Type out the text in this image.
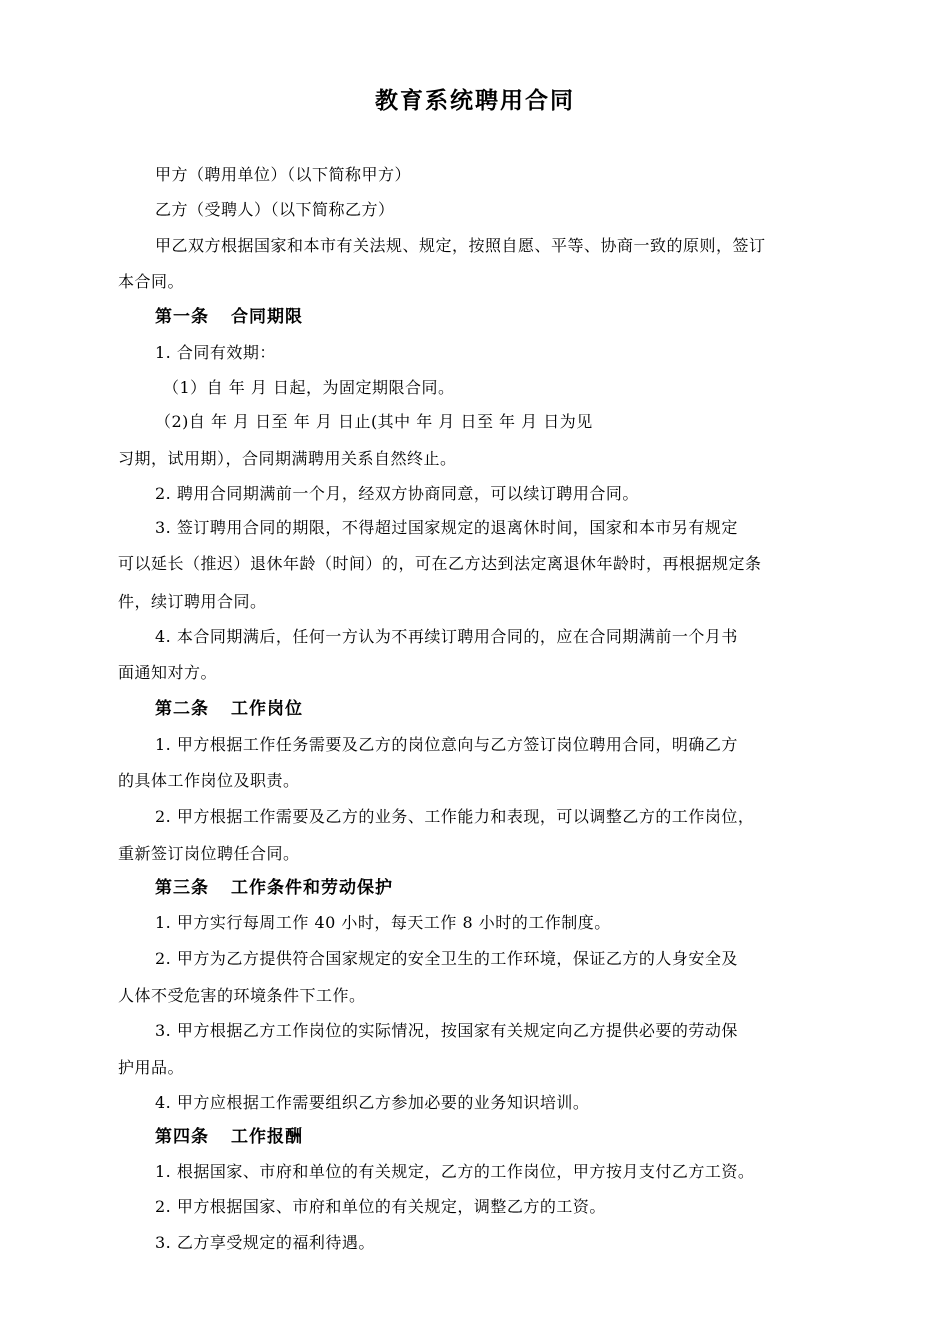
教育系统聘用合同
甲方（聘用单位）（以下简称甲方）
乙方（受聘人）（以下简称乙方）
甲乙双方根据国家和本市有关法规、规定，按照自愿、平等、协商一致的原则，签订
本合同。
第一条 合同期限
1. 合同有效期：
（1）自 年 月 日起，为固定期限合同。
（2)自 年 月 日至 年 月 日止(其中 年 月 日至 年 月 日为见
习期，试用期），合同期满聘用关系自然终止。
2. 聘用合同期满前一个月，经双方协商同意，可以续订聘用合同。
3. 签订聘用合同的期限，不得超过国家规定的退离休时间，国家和本市另有规定
可以延长（推迟）退休年龄（时间）的，可在乙方达到法定离退休年龄时，再根据规定条
件，续订聘用合同。
4. 本合同期满后，任何一方认为不再续订聘用合同的，应在合同期满前一个月书
面通知对方。
第二条 工作岗位
1. 甲方根据工作任务需要及乙方的岗位意向与乙方签订岗位聘用合同，明确乙方
的具体工作岗位及职责。
2. 甲方根据工作需要及乙方的业务、工作能力和表现，可以调整乙方的工作岗位，
重新签订岗位聘任合同。
第三条 工作条件和劳动保护
1. 甲方实行每周工作 40 小时，每天工作 8 小时的工作制度。
2. 甲方为乙方提供符合国家规定的安全卫生的工作环境，保证乙方的人身安全及
人体不受危害的环境条件下工作。
3. 甲方根据乙方工作岗位的实际情况，按国家有关规定向乙方提供必要的劳动保
护用品。
4. 甲方应根据工作需要组织乙方参加必要的业务知识培训。
第四条 工作报酬
1. 根据国家、市府和单位的有关规定，乙方的工作岗位，甲方按月支付乙方工资。
2. 甲方根据国家、市府和单位的有关规定，调整乙方的工资。
3. 乙方享受规定的福利待遇。
